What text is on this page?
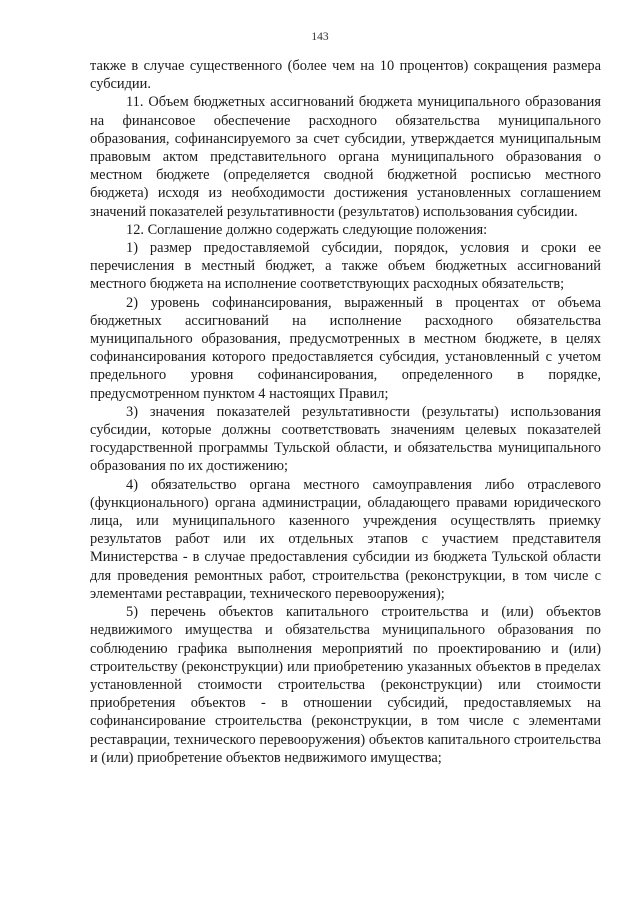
143

также в случае существенного (более чем на 10 процентов) сокращения размера субсидии.

11. Объем бюджетных ассигнований бюджета муниципального образования на финансовое обеспечение расходного обязательства муниципального образования, софинансируемого за счет субсидии, утверждается муниципальным правовым актом представительного органа муниципального образования о местном бюджете (определяется сводной бюджетной росписью местного бюджета) исходя из необходимости достижения установленных соглашением значений показателей результативности (результатов) использования субсидии.

12. Соглашение должно содержать следующие положения:

1) размер предоставляемой субсидии, порядок, условия и сроки ее перечисления в местный бюджет, а также объем бюджетных ассигнований местного бюджета на исполнение соответствующих расходных обязательств;

2) уровень софинансирования, выраженный в процентах от объема бюджетных ассигнований на исполнение расходного обязательства муниципального образования, предусмотренных в местном бюджете, в целях софинансирования которого предоставляется субсидия, установленный с учетом предельного уровня софинансирования, определенного в порядке, предусмотренном пунктом 4 настоящих Правил;

3) значения показателей результативности (результаты) использования субсидии, которые должны соответствовать значениям целевых показателей государственной программы Тульской области, и обязательства муниципального образования по их достижению;

4) обязательство органа местного самоуправления либо отраслевого (функционального) органа администрации, обладающего правами юридического лица, или муниципального казенного учреждения осуществлять приемку результатов работ или их отдельных этапов с участием представителя Министерства - в случае предоставления субсидии из бюджета Тульской области для проведения ремонтных работ, строительства (реконструкции, в том числе с элементами реставрации, технического перевооружения);

5) перечень объектов капитального строительства и (или) объектов недвижимого имущества и обязательства муниципального образования по соблюдению графика выполнения мероприятий по проектированию и (или) строительству (реконструкции) или приобретению указанных объектов в пределах установленной стоимости строительства (реконструкции) или стоимости приобретения объектов - в отношении субсидий, предоставляемых на софинансирование строительства (реконструкции, в том числе с элементами реставрации, технического перевооружения) объектов капитального строительства и (или) приобретение объектов недвижимого имущества;
